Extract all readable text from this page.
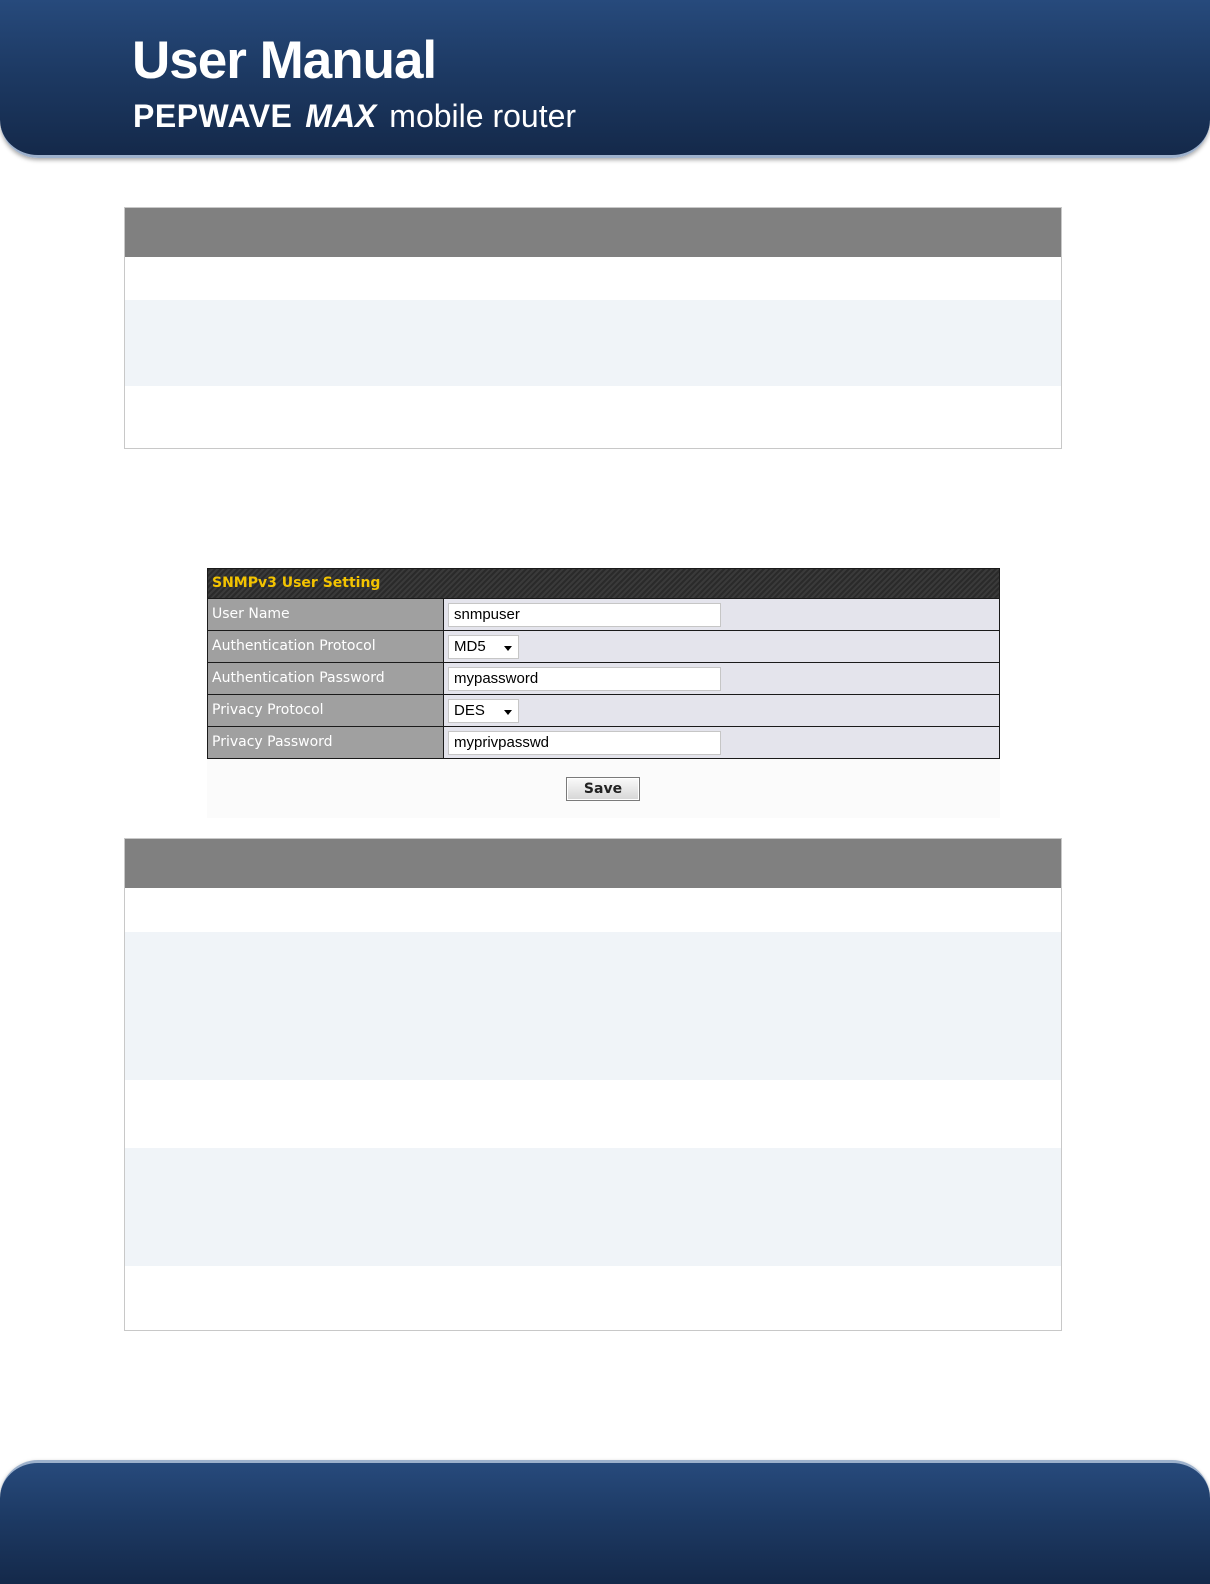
User Manual
PEPWAVE MAX mobile router
SNMPv3 User Setting
User Name	snmpuser
Authentication Protocol	MD5
Authentication Password	mypassword
Privacy Protocol	DES
Privacy Password	myprivpasswd
Save
